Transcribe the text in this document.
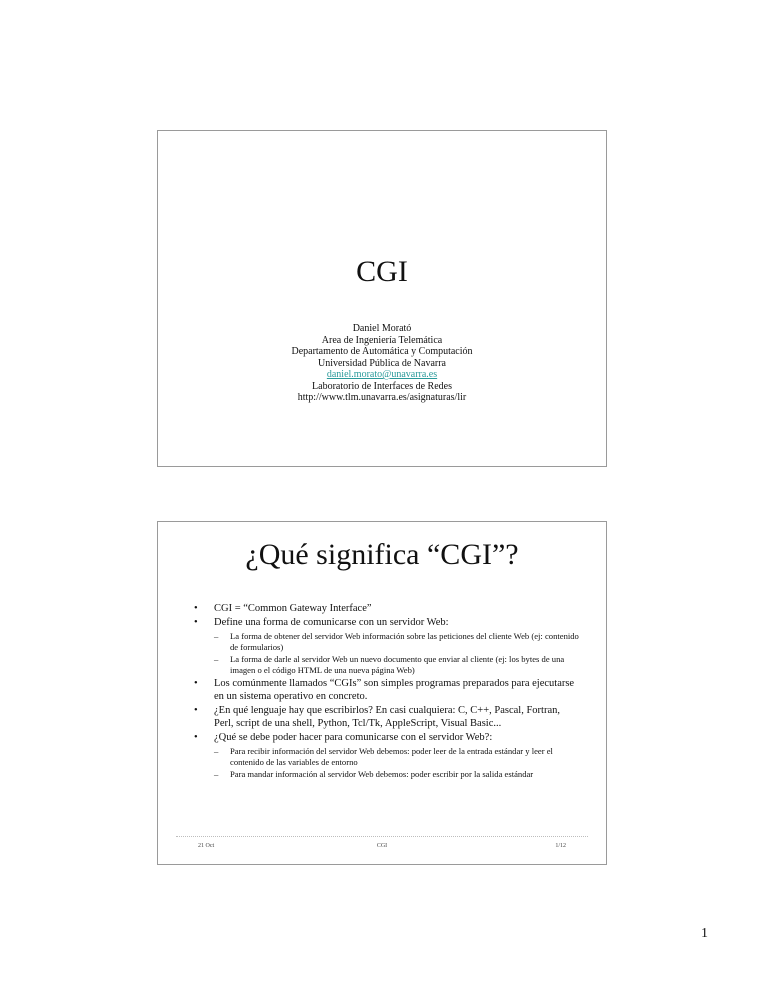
CGI
Daniel Morató
Area de Ingeniería Telemática
Departamento de Automática y Computación
Universidad Pública de Navarra
daniel.morato@unavarra.es
Laboratorio de Interfaces de Redes
http://www.tlm.unavarra.es/asignaturas/lir
¿Qué significa “CGI”?
• CGI = “Common Gateway Interface”
• Define una forma de comunicarse con un servidor Web:
– La forma de obtener del servidor Web información sobre las peticiones del cliente Web (ej: contenido de formularios)
– La forma de darle al servidor Web un nuevo documento que enviar al cliente (ej: los bytes de una imagen o el código HTML de una nueva página Web)
• Los comúnmente llamados “CGIs” son simples programas preparados para ejecutarse en un sistema operativo en concreto.
• ¿En qué lenguaje hay que escribirlos? En casi cualquiera: C, C++, Pascal, Fortran, Perl, script de una shell, Python, Tcl/Tk, AppleScript, Visual Basic...
• ¿Qué se debe poder hacer para comunicarse con el servidor Web?:
– Para recibir información del servidor Web debemos: poder leer de la entrada estándar y leer el contenido de las variables de entorno
– Para mandar información al servidor Web debemos: poder escribir por la salida estándar
21 Oct	CGI	1/12
1
